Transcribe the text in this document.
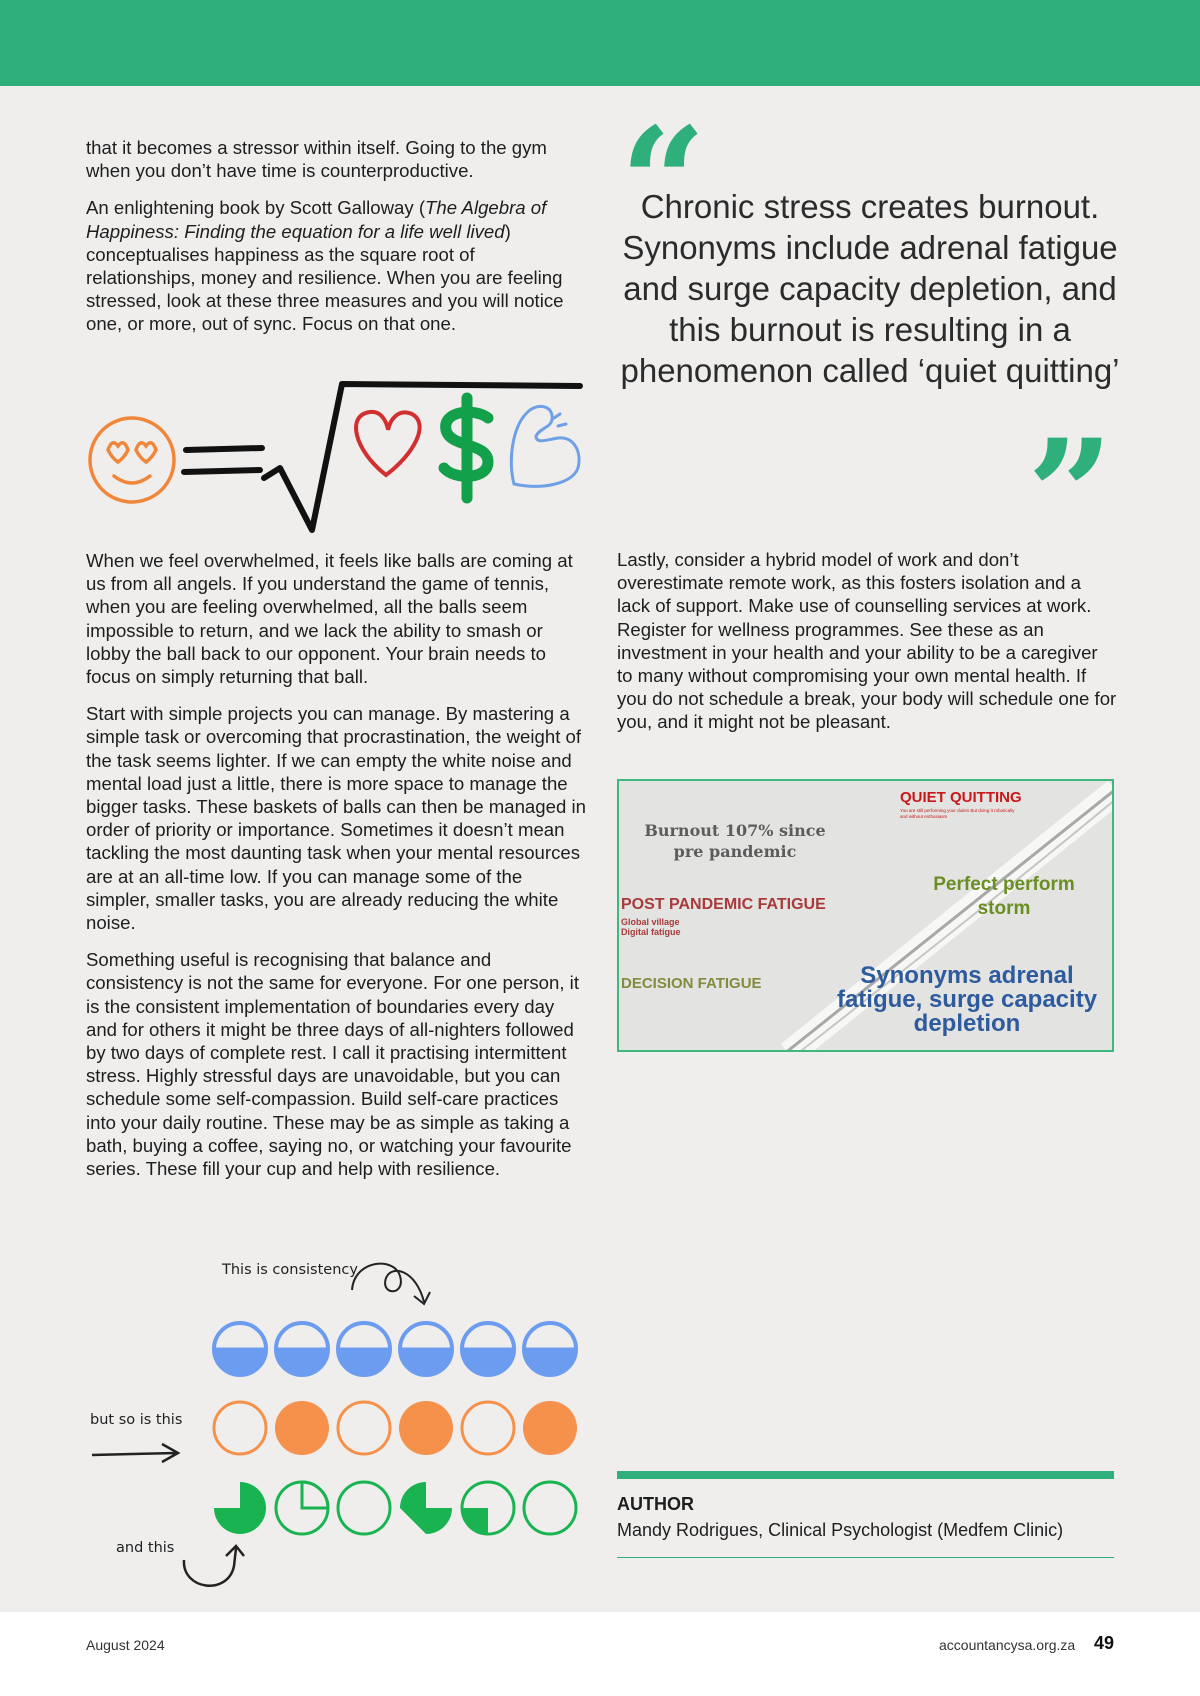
that it becomes a stressor within itself. Going to the gym when you don’t have time is counterproductive.

An enlightening book by Scott Galloway (The Algebra of Happiness: Finding the equation for a life well lived) conceptualises happiness as the square root of relationships, money and resilience. When you are feeling stressed, look at these three measures and you will notice one, or more, out of sync. Focus on that one.

“
Chronic stress creates burnout. Synonyms include adrenal fatigue and surge capacity depletion, and this burnout is resulting in a phenomenon called ‘quiet quitting’
”

When we feel overwhelmed, it feels like balls are coming at us from all angels. If you understand the game of tennis, when you are feeling overwhelmed, all the balls seem impossible to return, and we lack the ability to smash or lobby the ball back to our opponent. Your brain needs to focus on simply returning that ball.

Start with simple projects you can manage. By mastering a simple task or overcoming that procrastination, the weight of the task seems lighter. If we can empty the white noise and mental load just a little, there is more space to manage the bigger tasks. These baskets of balls can then be managed in order of priority or importance. Sometimes it doesn’t mean tackling the most daunting task when your mental resources are at an all-time low. If you can manage some of the simpler, smaller tasks, you are already reducing the white noise.

Something useful is recognising that balance and consistency is not the same for everyone. For one person, it is the consistent implementation of boundaries every day and for others it might be three days of all-nighters followed by two days of complete rest. I call it practising intermittent stress. Highly stressful days are unavoidable, but you can schedule some self-compassion. Build self-care practices into your daily routine. These may be as simple as taking a bath, buying a coffee, saying no, or watching your favourite series. These fill your cup and help with resilience.

Lastly, consider a hybrid model of work and don’t overestimate remote work, as this fosters isolation and a lack of support. Make use of counselling services at work. Register for wellness programmes. See these as an investment in your health and your ability to be a caregiver to many without compromising your own mental health. If you do not schedule a break, your body will schedule one for you, and it might not be pleasant.

QUIET QUITTING
You are still performing your duties But doing it robotically and without enthusiasm
Burnout 107% since pre pandemic
Perfect perform storm
POST PANDEMIC FATIGUE
Global village
Digital fatigue
DECISION FATIGUE	Synonyms adrenal fatigue, surge capacity depletion
This is consistency
but so is this
and this
AUTHOR
Mandy Rodrigues, Clinical Psychologist (Medfem Clinic)
August 2024	accountancysa.org.za 49
